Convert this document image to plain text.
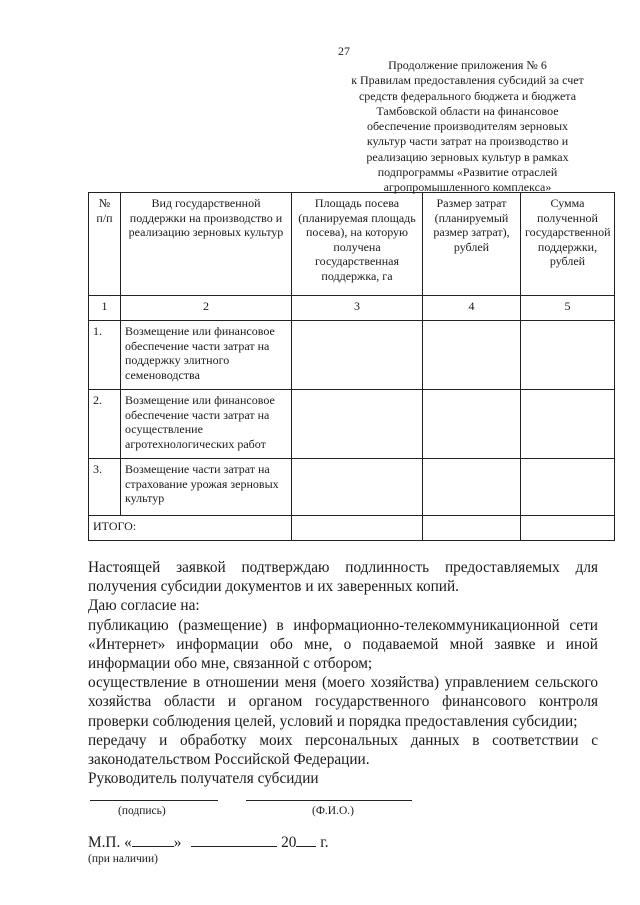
27
Продолжение приложения № 6
к Правилам предоставления субсидий за счет
средств федерального бюджета и бюджета
Тамбовской области на финансовое
обеспечение производителям зерновых
культур части затрат на производство и
реализацию зерновых культур в рамках
подпрограммы «Развитие отраслей
агропромышленного комплекса»
№ п/п	Вид государственной поддержки на производство и реализацию зерновых культур	Площадь посева (планируемая площадь посева), на которую получена государственная поддержка, га	Размер затрат (планируемый размер затрат), рублей	Сумма полученной государственной поддержки, рублей
1	2	3	4	5
1.	Возмещение или финансовое обеспечение части затрат на поддержку элитного семеноводства			
2.	Возмещение или финансовое обеспечение части затрат на осуществление агротехнологических работ			
3.	Возмещение части затрат на страхование урожая зерновых культур			
ИТОГО:				

Настоящей заявкой подтверждаю подлинность предоставляемых для получения субсидии документов и их заверенных копий.

Даю согласие на:

публикацию (размещение) в информационно-телекоммуникационной сети «Интернет» информации обо мне, о подаваемой мной заявке и иной информации обо мне, связанной с отбором;

осуществление в отношении меня (моего хозяйства) управлением сельского хозяйства области и органом государственного финансового контроля проверки соблюдения целей, условий и порядка предоставления субсидии;

передачу и обработку моих персональных данных в соответствии с законодательством Российской Федерации.

Руководитель получателя субсидии
(подпись)	(Ф.И.О.)
М.П. «	»	20 г.
(при наличии)
